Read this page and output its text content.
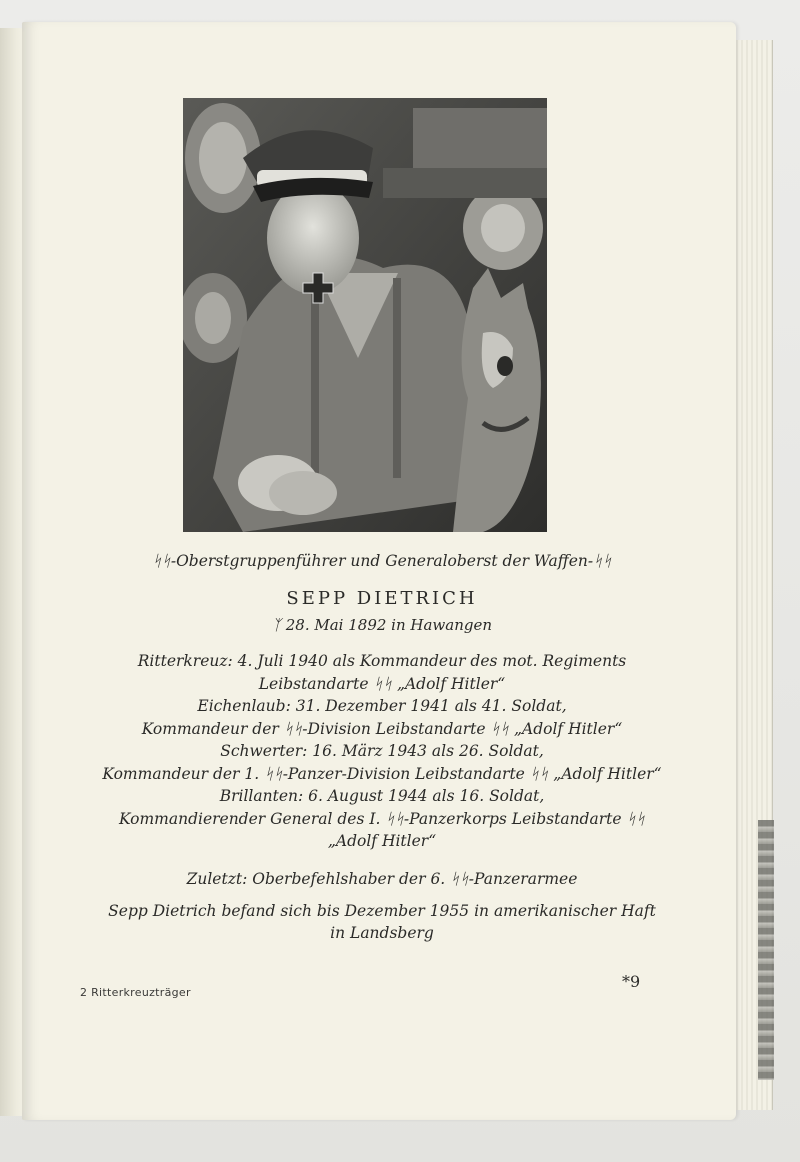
ᛋᛋ-Oberstgruppenführer und Generaloberst der Waffen-ᛋᛋ
SEPP DIETRICH
ᛉ 28. Mai 1892 in Hawangen
Ritterkreuz: 4. Juli 1940 als Kommandeur des mot. Regiments
Leibstandarte ᛋᛋ „Adolf Hitler“
Eichenlaub: 31. Dezember 1941 als 41. Soldat,
Kommandeur der ᛋᛋ-Division Leibstandarte ᛋᛋ „Adolf Hitler“
Schwerter: 16. März 1943 als 26. Soldat,
Kommandeur der 1. ᛋᛋ-Panzer-Division Leibstandarte ᛋᛋ „Adolf Hitler“
Brillanten: 6. August 1944 als 16. Soldat,
Kommandierender General des I. ᛋᛋ-Panzerkorps Leibstandarte ᛋᛋ
„Adolf Hitler“
Zuletzt: Oberbefehlshaber der 6. ᛋᛋ-Panzerarmee
Sepp Dietrich befand sich bis Dezember 1955 in amerikanischer Haft
in Landsberg
2 Ritterkreuzträger
*9
